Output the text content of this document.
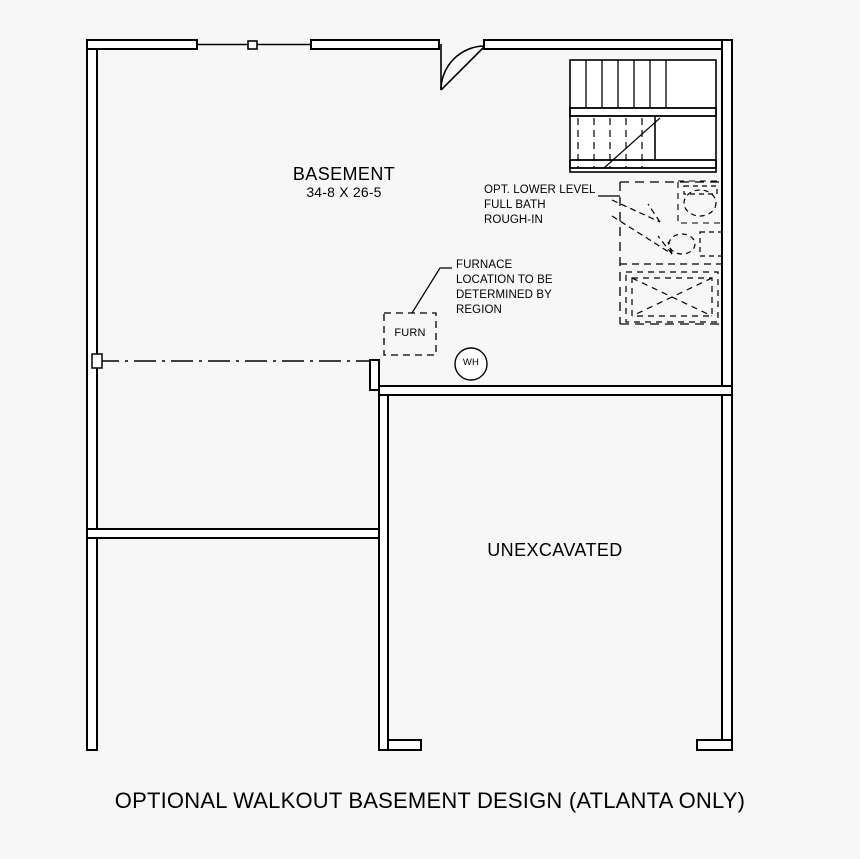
BASEMENT
34-8 X 26-5
UNEXCAVATED
OPT. LOWER LEVEL
FULL BATH
ROUGH-IN
FURNACE
LOCATION TO BE
DETERMINED BY
REGION
FURN
WH
OPTIONAL WALKOUT BASEMENT DESIGN (ATLANTA ONLY)
